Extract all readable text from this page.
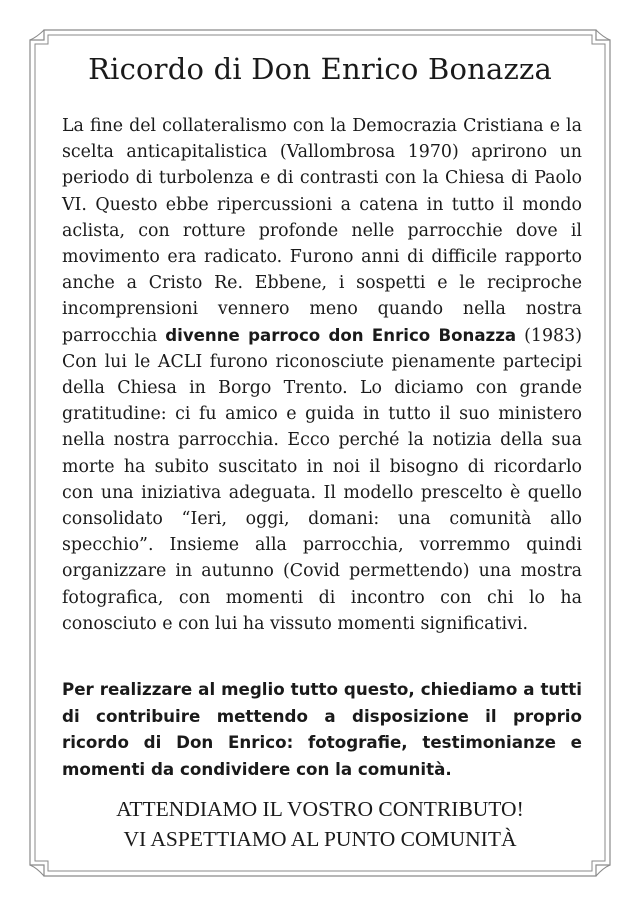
Ricordo di Don Enrico Bonazza

La fine del collateralismo con la Democrazia Cristiana e la scelta anticapitalistica (Vallombrosa 1970) aprirono un periodo di turbolenza e di contrasti con la Chiesa di Paolo VI. Questo ebbe ripercussioni a catena in tutto il mondo aclista, con rotture profonde nelle parrocchie dove il movimento era radicato. Furono anni di difficile rapporto anche a Cristo Re. Ebbene, i sospetti e le reciproche incomprensioni vennero meno quando nella nostra parrocchia divenne parroco don Enrico Bonazza (1983) Con lui le ACLI furono riconosciute pienamente partecipi della Chiesa in Borgo Trento. Lo diciamo con grande gratitudine: ci fu amico e guida in tutto il suo ministero nella nostra parrocchia. Ecco perché la notizia della sua morte ha subito suscitato in noi il bisogno di ricordarlo con una iniziativa adeguata. Il modello prescelto è quello consolidato “Ieri, oggi, domani: una comunità allo specchio”. Insieme alla parrocchia, vorremmo quindi organizzare in autunno (Covid permettendo) una mostra fotografica, con momenti di incontro con chi lo ha conosciuto e con lui ha vissuto momenti significativi.

Per realizzare al meglio tutto questo, chiediamo a tutti di contribuire mettendo a disposizione il proprio ricordo di Don Enrico: fotografie, testimonianze e momenti da condividere con la comunità.

ATTENDIAMO IL VOSTRO CONTRIBUTO!
VI ASPETTIAMO AL PUNTO COMUNITÀ
